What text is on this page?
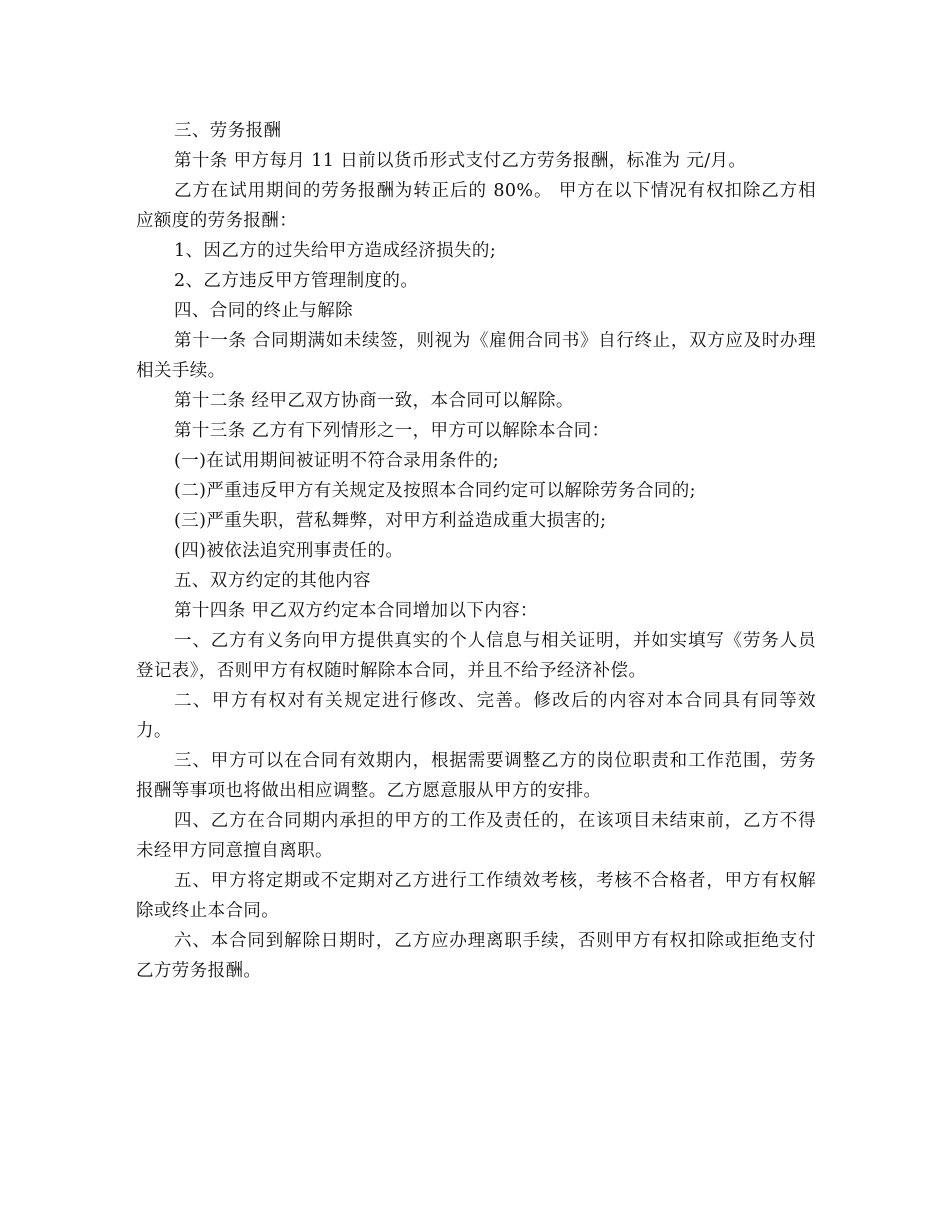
三、劳务报酬

第十条 甲方每月 11 日前以货币形式支付乙方劳务报酬，标准为 元/月。

乙方在试用期间的劳务报酬为转正后的 80%。 甲方在以下情况有权扣除乙方相应额度的劳务报酬：

1、因乙方的过失给甲方造成经济损失的;

2、乙方违反甲方管理制度的。

四、合同的终止与解除

第十一条 合同期满如未续签，则视为《雇佣合同书》自行终止，双方应及时办理相关手续。

第十二条 经甲乙双方协商一致，本合同可以解除。

第十三条 乙方有下列情形之一，甲方可以解除本合同：

(一)在试用期间被证明不符合录用条件的;

(二)严重违反甲方有关规定及按照本合同约定可以解除劳务合同的;

(三)严重失职，营私舞弊，对甲方利益造成重大损害的;

(四)被依法追究刑事责任的。

五、双方约定的其他内容

第十四条 甲乙双方约定本合同增加以下内容：

一、乙方有义务向甲方提供真实的个人信息与相关证明，并如实填写《劳务人员登记表》，否则甲方有权随时解除本合同，并且不给予经济补偿。

二、甲方有权对有关规定进行修改、完善。修改后的内容对本合同具有同等效力。

三、甲方可以在合同有效期内，根据需要调整乙方的岗位职责和工作范围，劳务报酬等事项也将做出相应调整。乙方愿意服从甲方的安排。

四、乙方在合同期内承担的甲方的工作及责任的，在该项目未结束前，乙方不得未经甲方同意擅自离职。

五、甲方将定期或不定期对乙方进行工作绩效考核，考核不合格者，甲方有权解除或终止本合同。

六、本合同到解除日期时，乙方应办理离职手续，否则甲方有权扣除或拒绝支付乙方劳务报酬。
